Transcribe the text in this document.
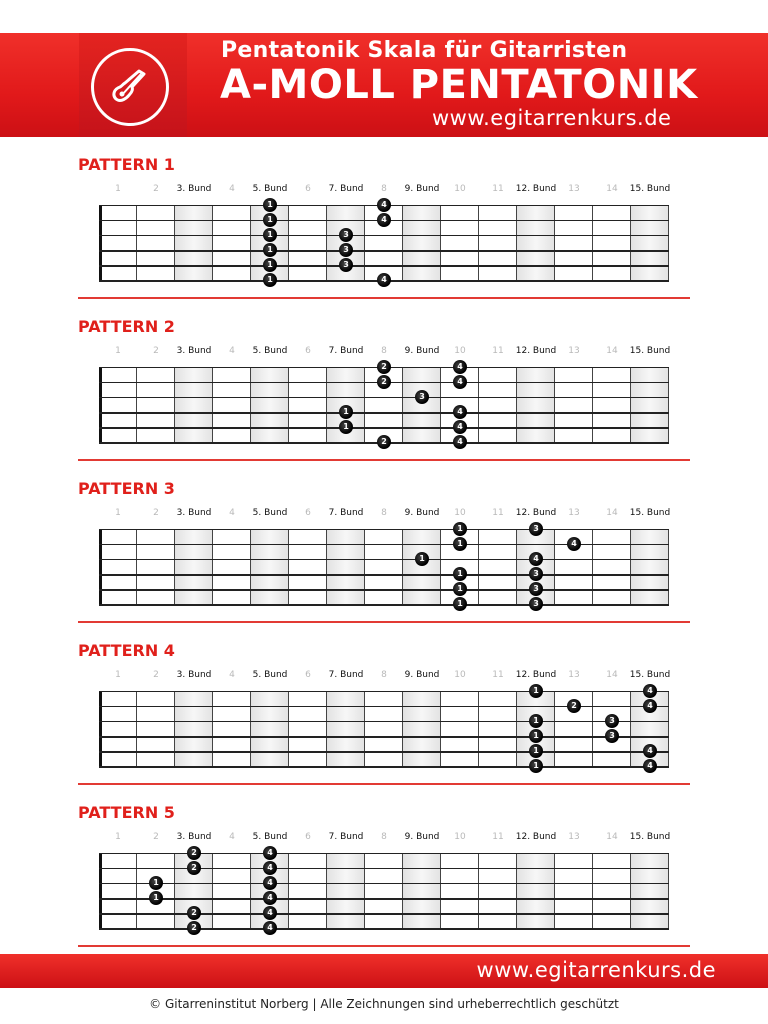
Pentatonik Skala für Gitarristen
A-MOLL PENTATONIK
www.egitarrenkurs.de
PATTERN 1
1	2 3. Bund 4 5. Bund 6 7. Bund 8 9. Bund 10	11 12. Bund 13	14 15. Bund
1	4
1	4
1	3
1	3
1	3
1	4
PATTERN 2
1	2 3. Bund 4 5. Bund 6 7. Bund 8 9. Bund 10	11 12. Bund 13	14 15. Bund
2	4
2	4
3
1	4
1	4
2	4
PATTERN 3
1	2 3. Bund 4 5. Bund 6 7. Bund 8 9. Bund 10	11 12. Bund 13	14 15. Bund
1	3
1	4
1	4
1	3
1	3
1	3
PATTERN 4
1	2 3. Bund 4 5. Bund 6 7. Bund 8 9. Bund 10	11 12. Bund 13	14 15. Bund
1	4
2	4
1	3
1	3
1	4
1	4
PATTERN 5
1	2 3. Bund 4 5. Bund 6 7. Bund 8 9. Bund 10	11 12. Bund 13	14 15. Bund
2	4
2	4
1	4
1	4
2	4
2	4
www.egitarrenkurs.de
© Gitarreninstitut Norberg | Alle Zeichnungen sind urheberrechtlich geschützt
